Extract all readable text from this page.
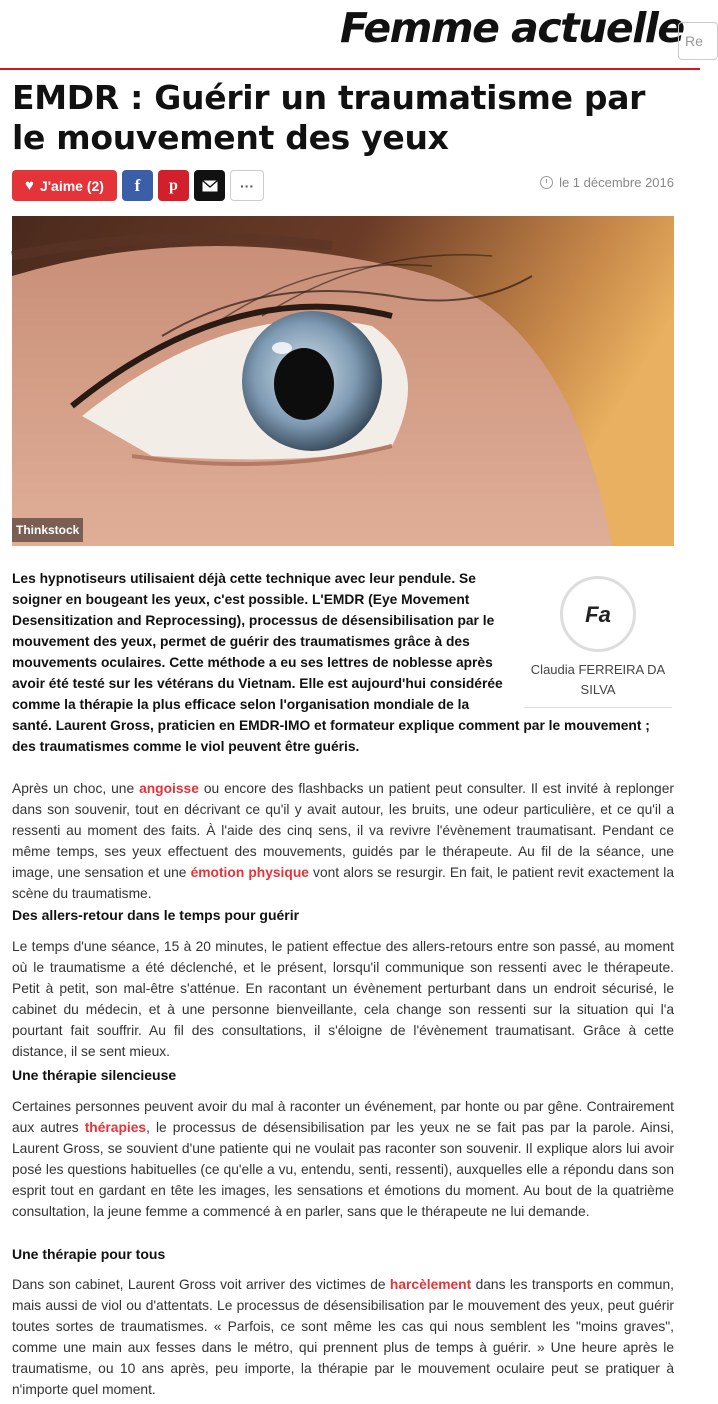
Femme actuelle Re
EMDR : Guérir un traumatisme par le mouvement des yeux
♥ J'aime (2) f p	···	le 1 décembre 2016
Thinkstock
Fa
Claudia FERREIRA DA SILVA
Les hypnotiseurs utilisaient déjà cette technique avec leur pendule. Se soigner en bougeant les yeux, c'est possible. L'EMDR (Eye Movement Desensitization and Reprocessing), processus de désensibilisation par le mouvement des yeux, permet de guérir des traumatismes grâce à des mouvements oculaires. Cette méthode a eu ses lettres de noblesse après avoir été testé sur les vétérans du Vietnam. Elle est aujourd'hui considérée comme la thérapie la plus efficace selon l'organisation mondiale de la santé. Laurent Gross, praticien en EMDR-IMO et formateur explique comment par le mouvement ; des traumatismes comme le viol peuvent être guéris.
Après un choc, une angoisse ou encore des flashbacks un patient peut consulter. Il est invité à replonger dans son souvenir, tout en décrivant ce qu'il y avait autour, les bruits, une odeur particulière, et ce qu'il a ressenti au moment des faits. À l'aide des cinq sens, il va revivre l'évènement traumatisant. Pendant ce même temps, ses yeux effectuent des mouvements, guidés par le thérapeute. Au fil de la séance, une image, une sensation et une émotion physique vont alors se resurgir. En fait, le patient revit exactement la scène du traumatisme.
Des allers-retour dans le temps pour guérir
Le temps d'une séance, 15 à 20 minutes, le patient effectue des allers-retours entre son passé, au moment où le traumatisme a été déclenché, et le présent, lorsqu'il communique son ressenti avec le thérapeute. Petit à petit, son mal-être s'atténue. En racontant un évènement perturbant dans un endroit sécurisé, le cabinet du médecin, et à une personne bienveillante, cela change son ressenti sur la situation qui l'a pourtant fait souffrir. Au fil des consultations, il s'éloigne de l'évènement traumatisant. Grâce à cette distance, il se sent mieux.
Une thérapie silencieuse
Certaines personnes peuvent avoir du mal à raconter un événement, par honte ou par gêne. Contrairement aux autres thérapies, le processus de désensibilisation par les yeux ne se fait pas par la parole. Ainsi, Laurent Gross, se souvient d'une patiente qui ne voulait pas raconter son souvenir. Il explique alors lui avoir posé les questions habituelles (ce qu'elle a vu, entendu, senti, ressenti), auxquelles elle a répondu dans son esprit tout en gardant en tête les images, les sensations et émotions du moment. Au bout de la quatrième consultation, la jeune femme a commencé à en parler, sans que le thérapeute ne lui demande.
Une thérapie pour tous
Dans son cabinet, Laurent Gross voit arriver des victimes de harcèlement dans les transports en commun, mais aussi de viol ou d'attentats. Le processus de désensibilisation par le mouvement des yeux, peut guérir toutes sortes de traumatismes. « Parfois, ce sont même les cas qui nous semblent les "moins graves", comme une main aux fesses dans le métro, qui prennent plus de temps à guérir. » Une heure après le traumatisme, ou 10 ans après, peu importe, la thérapie par le mouvement oculaire peut se pratiquer à n'importe quel moment.
